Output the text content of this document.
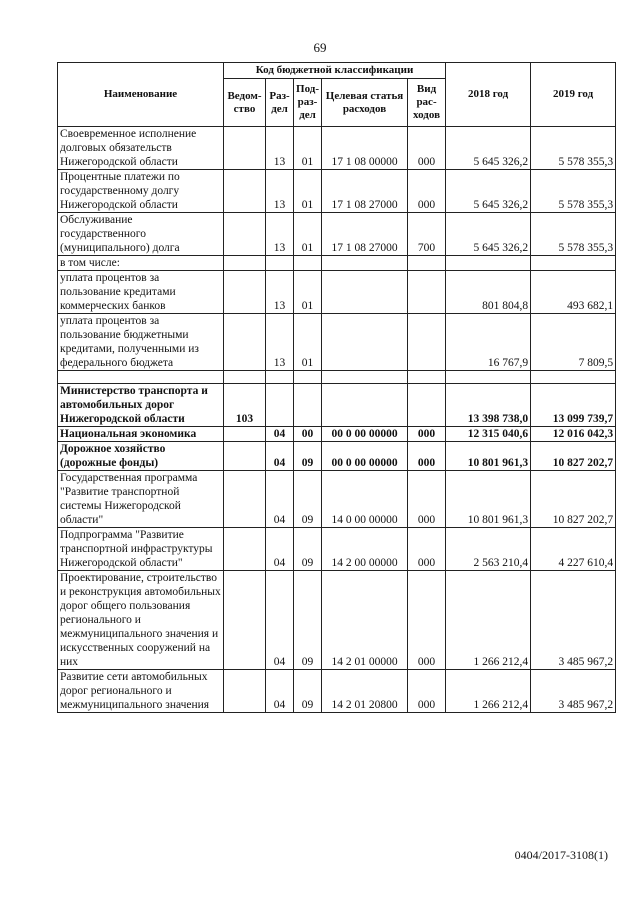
69
Наименование	Код бюджетной классификации					2018 год	2019 год
	Ведом-ство	Раз-дел	Под-раз-дел	Целевая статья расходов	Вид рас-ходов		
Своевременное исполнение долговых обязательств Нижегородской области		13	01	17 1 08 00000	000	5 645 326,2	5 578 355,3
Процентные платежи по государственному долгу Нижегородской области		13	01	17 1 08 27000	000	5 645 326,2	5 578 355,3
Обслуживание государственного (муниципального) долга		13	01	17 1 08 27000	700	5 645 326,2	5 578 355,3
в том числе:							
уплата процентов за пользование кредитами коммерческих банков		13	01			801 804,8	493 682,1
уплата процентов за пользование бюджетными кредитами, полученными из федерального бюджета		13	01			16 767,9	7 809,5

Министерство транспорта и автомобильных дорог Нижегородской области	103					13 398 738,0	13 099 739,7
Национальная экономика		04	00	00 0 00 00000	000	12 315 040,6	12 016 042,3
Дорожное хозяйство (дорожные фонды)		04	09	00 0 00 00000	000	10 801 961,3	10 827 202,7
Государственная программа "Развитие транспортной системы Нижегородской области"		04	09	14 0 00 00000	000	10 801 961,3	10 827 202,7
Подпрограмма "Развитие транспортной инфраструктуры Нижегородской области"		04	09	14 2 00 00000	000	2 563 210,4	4 227 610,4
Проектирование, строительство и реконструкция автомобильных дорог общего пользования регионального и межмуниципального значения и искусственных сооружений на них		04	09	14 2 01 00000	000	1 266 212,4	3 485 967,2
Развитие сети автомобильных дорог регионального и межмуниципального значения		04	09	14 2 01 20800	000	1 266 212,4	3 485 967,2
0404/2017-3108(1)
